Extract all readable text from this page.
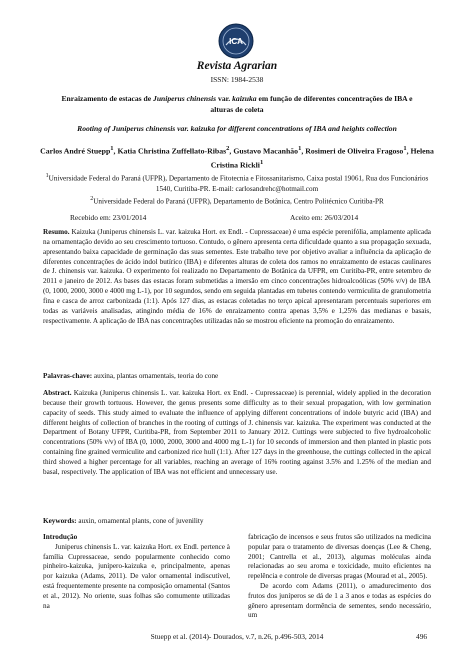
ICA
Revista Agrarian
ISSN: 1984-2538
Enraizamento de estacas de Juniperus chinensis var. kaizuka em função de diferentes concentrações de IBA e alturas de coleta
Rooting of Juniperus chinensis var. kaizuka for different concentrations of IBA and heights collection
Carlos André Stuepp$^1$, Katia Christina Zuffellato-Ribas$^2$, Gustavo Macanhão$^1$, Rosimeri de Oliveira Fragoso$^1$, Helena Cristina Rickli$^1$
$^1$Universidade Federal do Paraná (UFPR), Departamento de Fitotecnia e Fitossanitarismo, Caixa postal 19061, Rua dos Funcionários 1540, Curitiba-PR. E-mail: carlosandrehc@hotmail.com
$^2$Universidade Federal do Paraná (UFPR), Departamento de Botânica, Centro Politécnico Curitiba-PR
Recebido em: 23/01/2014	Aceito em: 26/03/2014
Resumo. Kaizuka (Juniperus chinensis L. var. kaizuka Hort. ex Endl. - Cupressaceae) é uma espécie perenifólia, amplamente aplicada na ornamentação devido ao seu crescimento tortuoso. Contudo, o gênero apresenta certa dificuldade quanto a sua propagação sexuada, apresentando baixa capacidade de germinação das suas sementes. Este trabalho teve por objetivo avaliar a influência da aplicação de diferentes concentrações de ácido indol butírico (IBA) e diferentes alturas de coleta dos ramos no enraizamento de estacas caulinares de J. chinensis var. kaizuka. O experimento foi realizado no Departamento de Botânica da UFPR, em Curitiba-PR, entre setembro de 2011 e janeiro de 2012. As bases das estacas foram submetidas a imersão em cinco concentrações hidroalcoólicas (50% v/v) de IBA (0, 1000, 2000, 3000 e 4000 mg L-1), por 10 segundos, sendo em seguida plantadas em tubetes contendo vermiculita de granulometria fina e casca de arroz carbonizada (1:1). Após 127 dias, as estacas coletadas no terço apical apresentaram percentuais superiores em todas as variáveis analisadas, atingindo média de 16% de enraizamento contra apenas 3,5% e 1,25% das medianas e basais, respectivamente. A aplicação de IBA nas concentrações utilizadas não se mostrou eficiente na promoção do enraizamento.
Palavras-chave: auxina, plantas ornamentais, teoria do cone
Abstract. Kaizuka (Juniperus chinensis L. var. kaizuka Hort. ex Endl. - Cupressaceae) is perennial, widely applied in the decoration because their growth tortuous. However, the genus presents some difficulty as to their sexual propagation, with low germination capacity of seeds. This study aimed to evaluate the influence of applying different concentrations of indole butyric acid (IBA) and different heights of collection of branches in the rooting of cuttings of J. chinensis var. kaizuka. The experiment was conducted at the Department of Botany UFPR, Curitiba-PR, from September 2011 to January 2012. Cuttings were subjected to five hydroalcoholic concentrations (50% v/v) of IBA (0, 1000, 2000, 3000 and 4000 mg L-1) for 10 seconds of immersion and then planted in plastic pots containing fine grained vermiculite and carbonized rice hull (1:1). After 127 days in the greenhouse, the cuttings collected in the apical third showed a higher percentage for all variables, reaching an average of 16% rooting against 3.5% and 1.25% of the median and basal, respectively. The application of IBA was not efficient and unnecessary use.
Keywords: auxin, ornamental plants, cone of juvenility
Introdução
Juniperus chinensis L. var. kaizuka Hort. ex Endl. pertence à família Cupressaceae, sendo popularmente conhecido como pinheiro-kaizuka, junípero-kaizuka e, principalmente, apenas por kaizuka (Adams, 2011). De valor ornamental indiscutível, está frequentemente presente na composição ornamental (Santos et al., 2012). No oriente, suas folhas são comumente utilizadas na
fabricação de incensos e seus frutos são utilizados na medicina popular para o tratamento de diversas doenças (Lee & Cheng, 2001; Cantrella et al., 2013), algumas moléculas ainda relacionadas ao seu aroma e toxicidade, muito eficientes na repelência e controle de diversas pragas (Mourad et al., 2005).
De acordo com Adams (2011), o amadurecimento dos frutos dos juníperos se dá de 1 a 3 anos e todas as espécies do gênero apresentam dormência de sementes, sendo necessário, um
Stuepp et al. (2014)- Dourados, v.7, n.26, p.496-503, 2014	496
